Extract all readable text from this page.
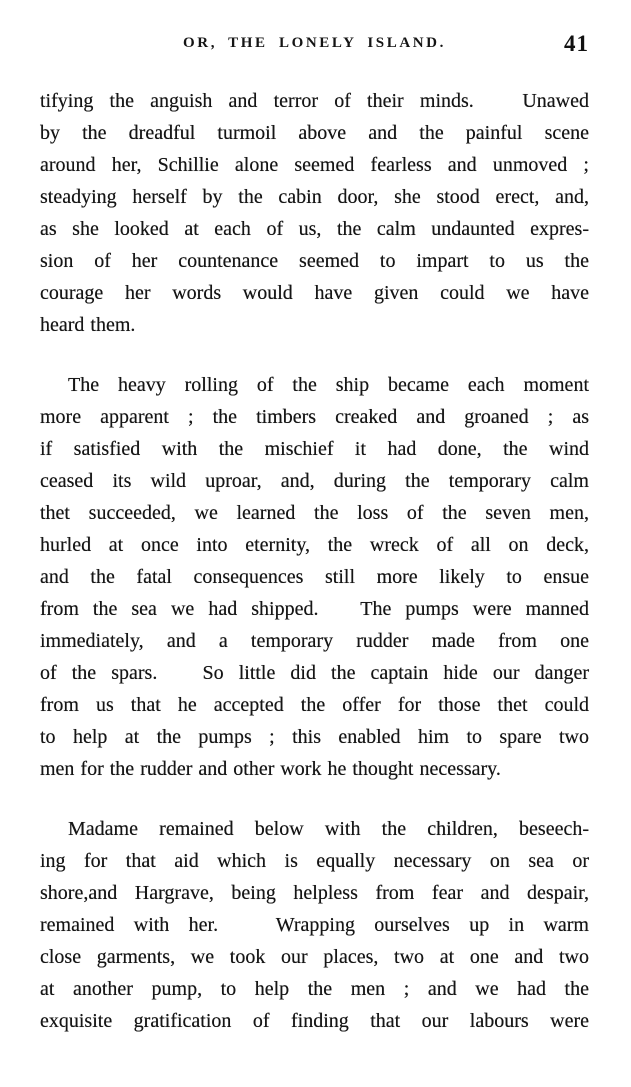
OR, THE LONELY ISLAND.	41
tifying the anguish and terror of their minds.   Unawed
by the dreadful turmoil above and the painful scene
around her, Schillie alone seemed fearless and unmoved ;
steadying herself by the cabin door, she stood erect, and,
as she looked at each of us, the calm undaunted expres-
sion of her countenance seemed to impart to us the
courage her words would have given could we have
heard them.
The heavy rolling of the ship became each moment
more apparent ; the timbers creaked and groaned ; as
if satisfied with the mischief it had done, the wind
ceased its wild uproar, and, during the temporary calm
thet succeeded, we learned the loss of the seven men,
hurled at once into eternity, the wreck of all on deck,
and the fatal consequences still more likely to ensue
from the sea we had shipped.   The pumps were manned
immediately, and a temporary rudder made from one
of the spars.   So little did the captain hide our danger
from us that he accepted the offer for those thet could
to help at the pumps ; this enabled him to spare two
men for the rudder and other work he thought necessary.
Madame remained below with the children, beseech-
ing for that aid which is equally necessary on sea or
shore,and Hargrave, being helpless from fear and despair,
remained with her.   Wrapping ourselves up in warm
close garments, we took our places, two at one and two
at another pump, to help the men ; and we had the
exquisite gratification of finding that our labours were
